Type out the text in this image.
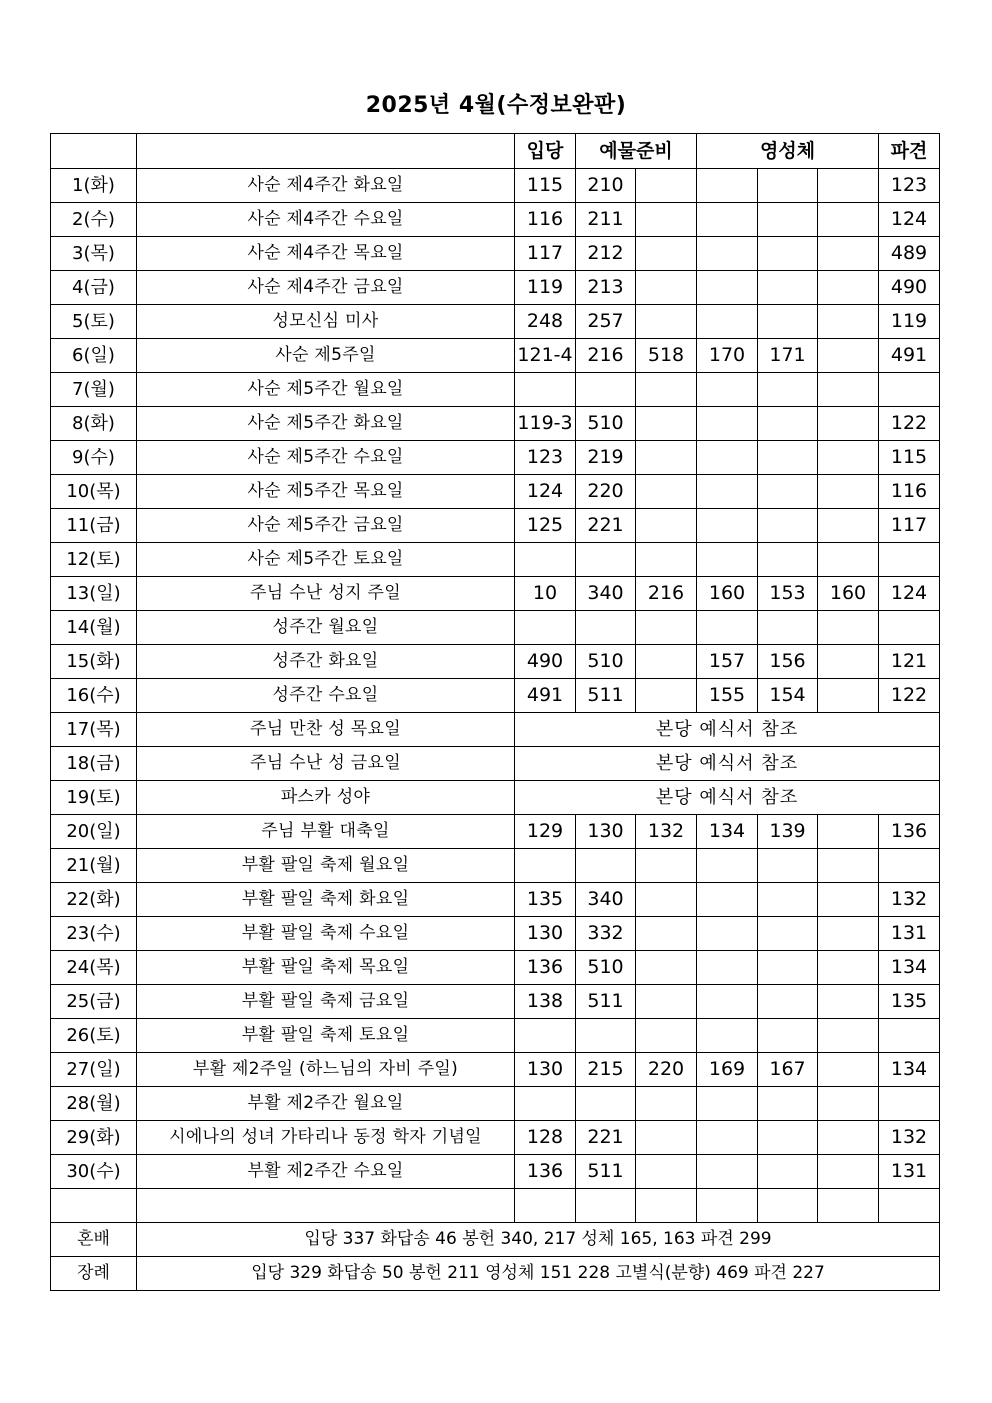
2025년 4월(수정보완판)
		입당	예물준비		영성체			파견
1(화)	사순 제4주간 화요일	115	210					123
2(수)	사순 제4주간 수요일	116	211					124
3(목)	사순 제4주간 목요일	117	212					489
4(금)	사순 제4주간 금요일	119	213					490
5(토)	성모신심 미사	248	257					119
6(일)	사순 제5주일	121-4	216	518	170	171		491
7(월)	사순 제5주간 월요일							
8(화)	사순 제5주간 화요일	119-3	510					122
9(수)	사순 제5주간 수요일	123	219					115
10(목)	사순 제5주간 목요일	124	220					116
11(금)	사순 제5주간 금요일	125	221					117
12(토)	사순 제5주간 토요일							
13(일)	주님 수난 성지 주일	10	340	216	160	153	160	124
14(월)	성주간 월요일							
15(화)	성주간 화요일	490	510		157	156		121
16(수)	성주간 수요일	491	511		155	154		122
17(목)	주님 만찬 성 목요일	본당 예식서 참조						
18(금)	주님 수난 성 금요일	본당 예식서 참조						
19(토)	파스카 성야	본당 예식서 참조						
20(일)	주님 부활 대축일	129	130	132	134	139		136
21(월)	부활 팔일 축제 월요일							
22(화)	부활 팔일 축제 화요일	135	340					132
23(수)	부활 팔일 축제 수요일	130	332					131
24(목)	부활 팔일 축제 목요일	136	510					134
25(금)	부활 팔일 축제 금요일	138	511					135
26(토)	부활 팔일 축제 토요일							
27(일)	부활 제2주일 (하느님의 자비 주일)	130	215	220	169	167		134
28(월)	부활 제2주간 월요일							
29(화)	시에나의 성녀 가타리나 동정 학자 기념일	128	221					132
30(수)	부활 제2주간 수요일	136	511					131

혼배	입당 337 화답송 46 봉헌 340, 217 성체 165, 163 파견 299							
장례	입당 329 화답송 50 봉헌 211 영성체 151 228 고별식(분향) 469 파견 227							
